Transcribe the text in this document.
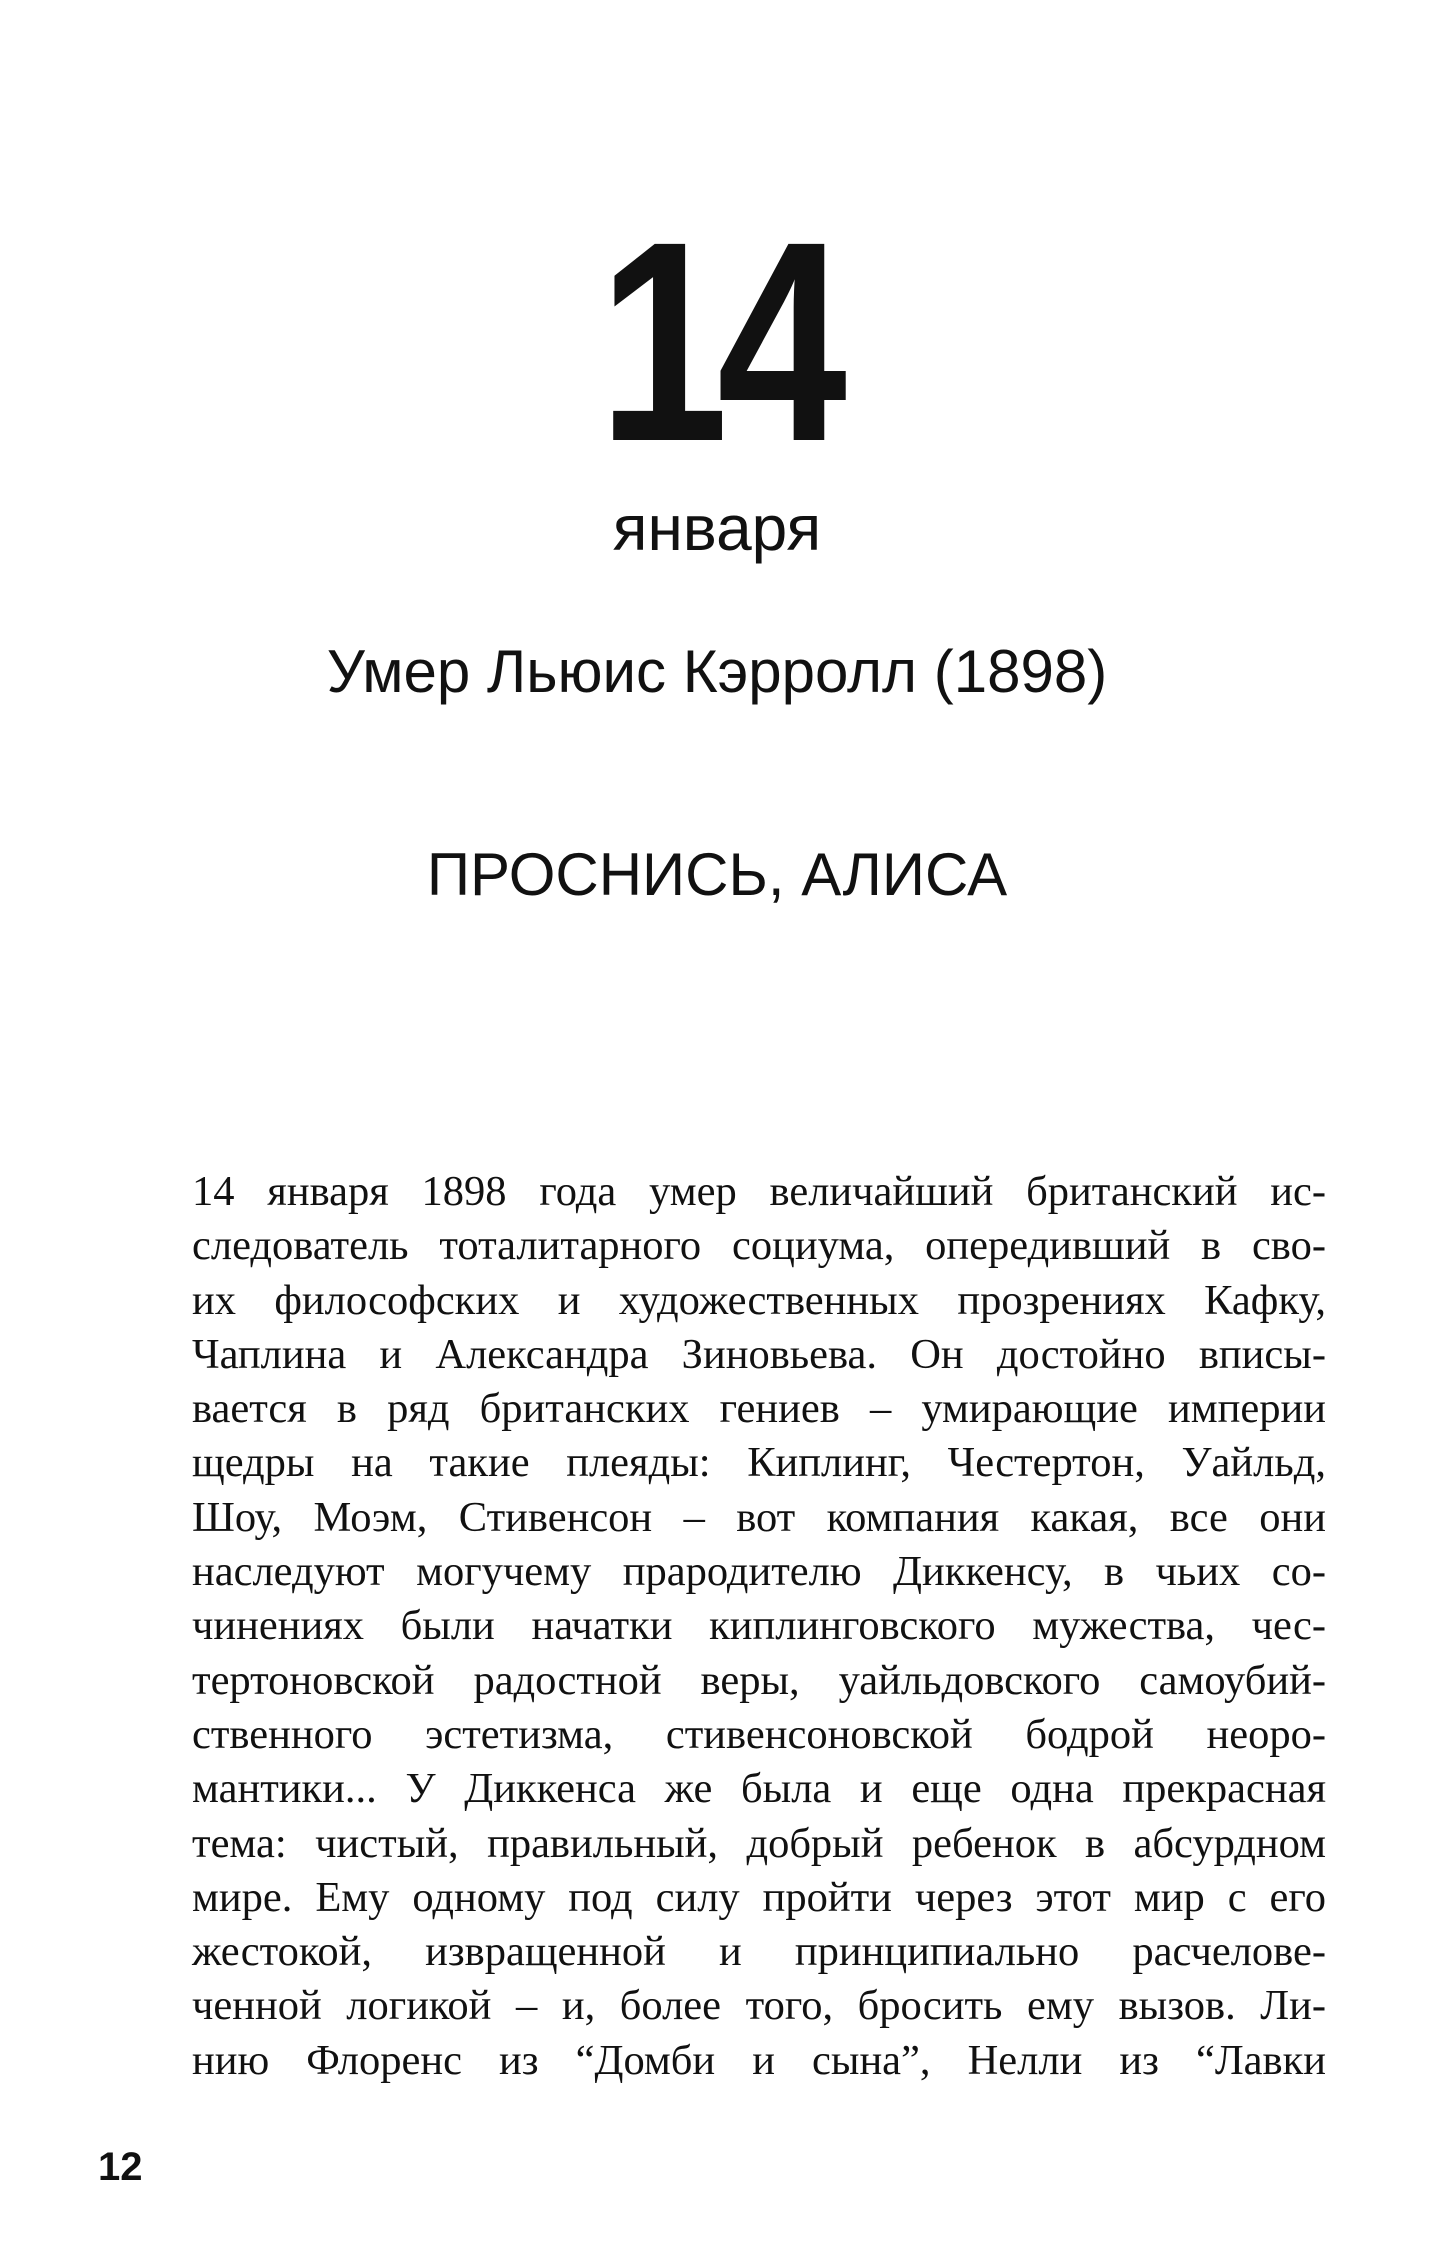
14
января
Умер Льюис Кэрролл (1898)
ПРОСНИСЬ, АЛИСА
14 января 1898 года умер величайший британский ис-
следователь тоталитарного социума, опередивший в сво-
их философских и художественных прозрениях Кафку,
Чаплина и Александра Зиновьева. Он достойно вписы-
вается в ряд британских гениев – умирающие империи
щедры на такие плеяды: Киплинг, Честертон, Уайльд,
Шоу, Моэм, Стивенсон – вот компания какая, все они
наследуют могучему прародителю Диккенсу, в чьих со-
чинениях были начатки киплинговского мужества, чес-
тертоновской радостной веры, уайльдовского самоубий-
ственного эстетизма, стивенсоновской бодрой неоро-
мантики... У Диккенса же была и еще одна прекрасная
тема: чистый, правильный, добрый ребенок в абсурдном
мире. Ему одному под силу пройти через этот мир с его
жестокой, извращенной и принципиально расчелове-
ченной логикой – и, более того, бросить ему вызов. Ли-
нию Флоренс из “Домби и сына”, Нелли из “Лавки
12
